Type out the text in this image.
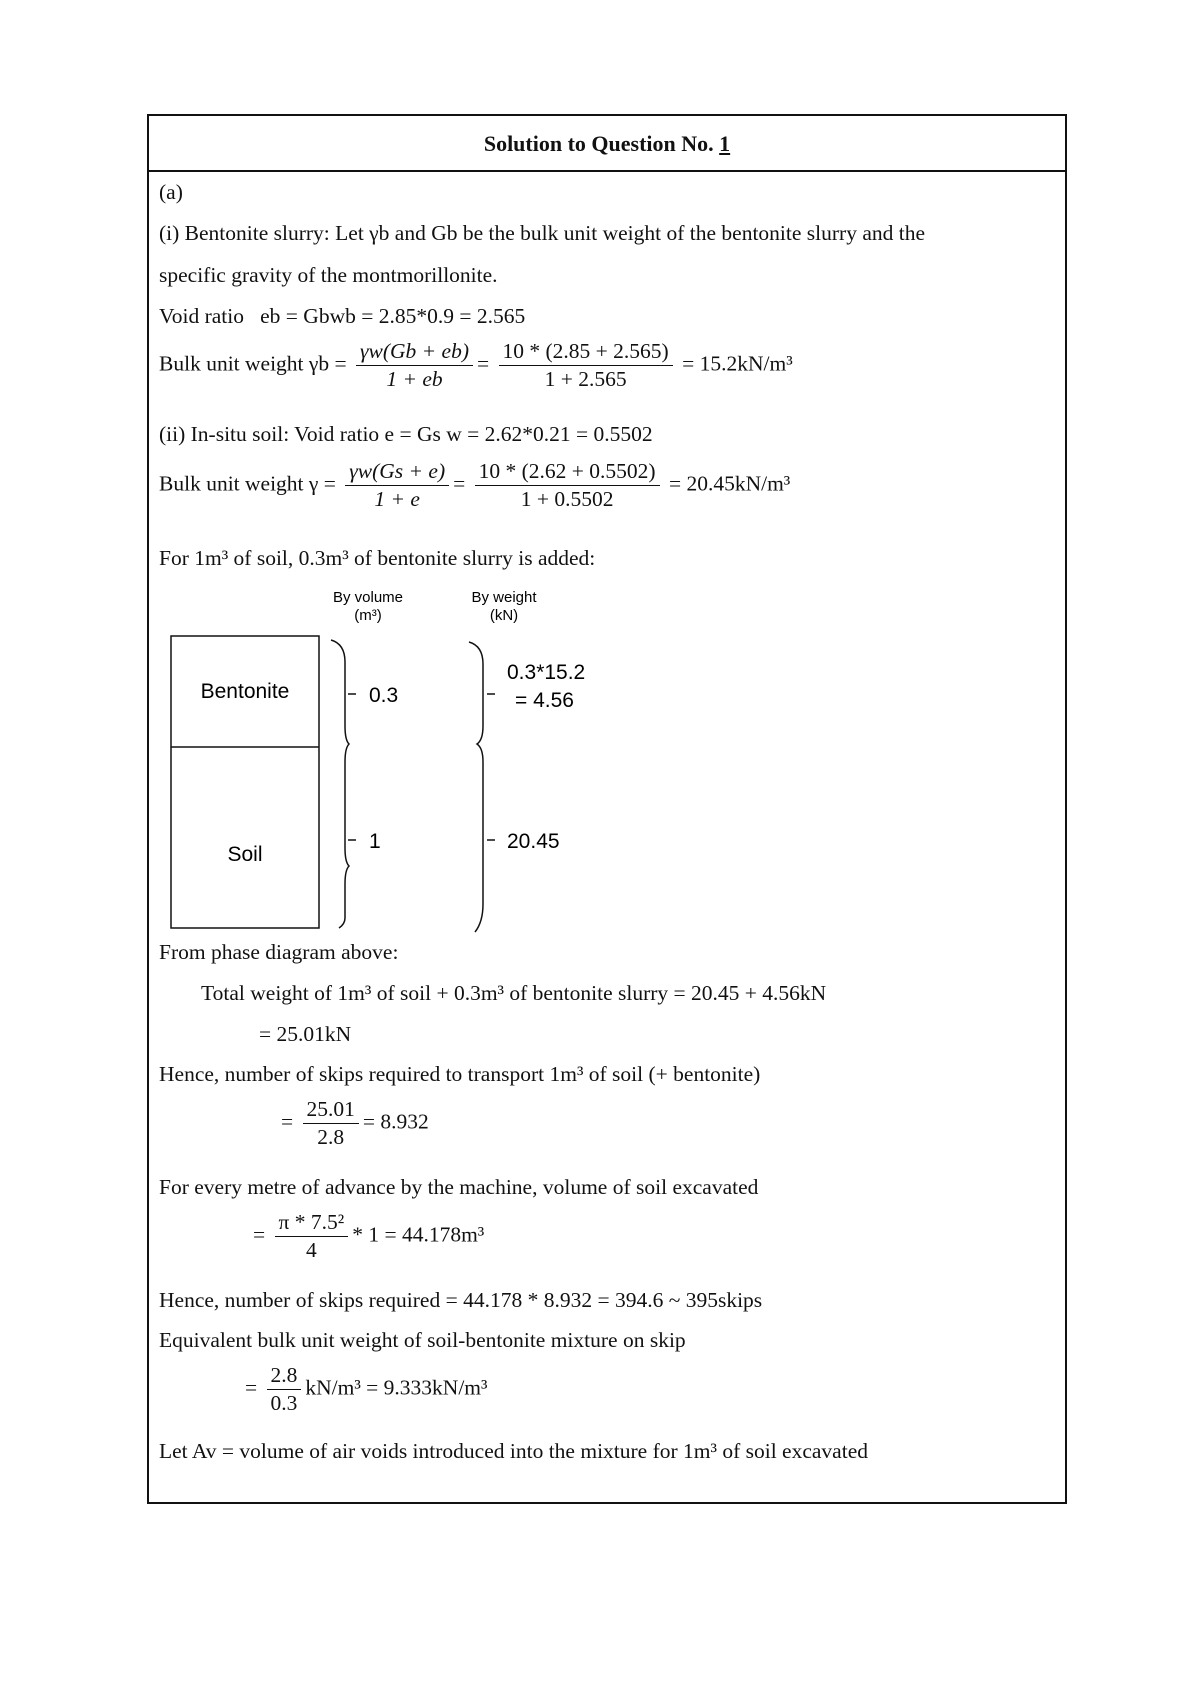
Solution to Question No. 1
(a)
(i) Bentonite slurry: Let γb and Gb be the bulk unit weight of the bentonite slurry and the
specific gravity of the montmorillonite.
Void ratio eb = Gbwb = 2.85*0.9 = 2.565
Bulk unit weight $\gamma b = \frac{\gamma w(Gb + eb)}{1 + eb} = \frac{10 * (2.85 + 2.565)}{1 + 2.565} = 15.2kN/m^3$
(ii) In-situ soil: Void ratio e = Gs w = 2.62*0.21 = 0.5502
Bulk unit weight $\gamma = \frac{\gamma w(Gs + e)}{1 + e} = \frac{10 * (2.62 + 0.5502)}{1 + 0.5502} = 20.45kN/m^3$
For 1m³ of soil, 0.3m³ of bentonite slurry is added:
By volume
(m³)
By weight
(kN)
Bentonite
Soil
0.3
1
0.3*15.2
= 4.56
20.45
From phase diagram above:
Total weight of 1m³ of soil + 0.3m³ of bentonite slurry = 20.45 + 4.56kN
= 25.01kN
Hence, number of skips required to transport 1m³ of soil (+ bentonite)
= $\frac{25.01}{2.8} = 8.932$
For every metre of advance by the machine, volume of soil excavated
= $\frac{\text{π * 7.5²}}{4} * 1 = 44.178m^3$
Hence, number of skips required = 44.178 * 8.932 = 394.6 ~ 395skips
Equivalent bulk unit weight of soil-bentonite mixture on skip
= $\frac{2.8}{0.3} kN/m^3 = 9.333kN/m^3$
Let Av = volume of air voids introduced into the mixture for 1m³ of soil excavated
